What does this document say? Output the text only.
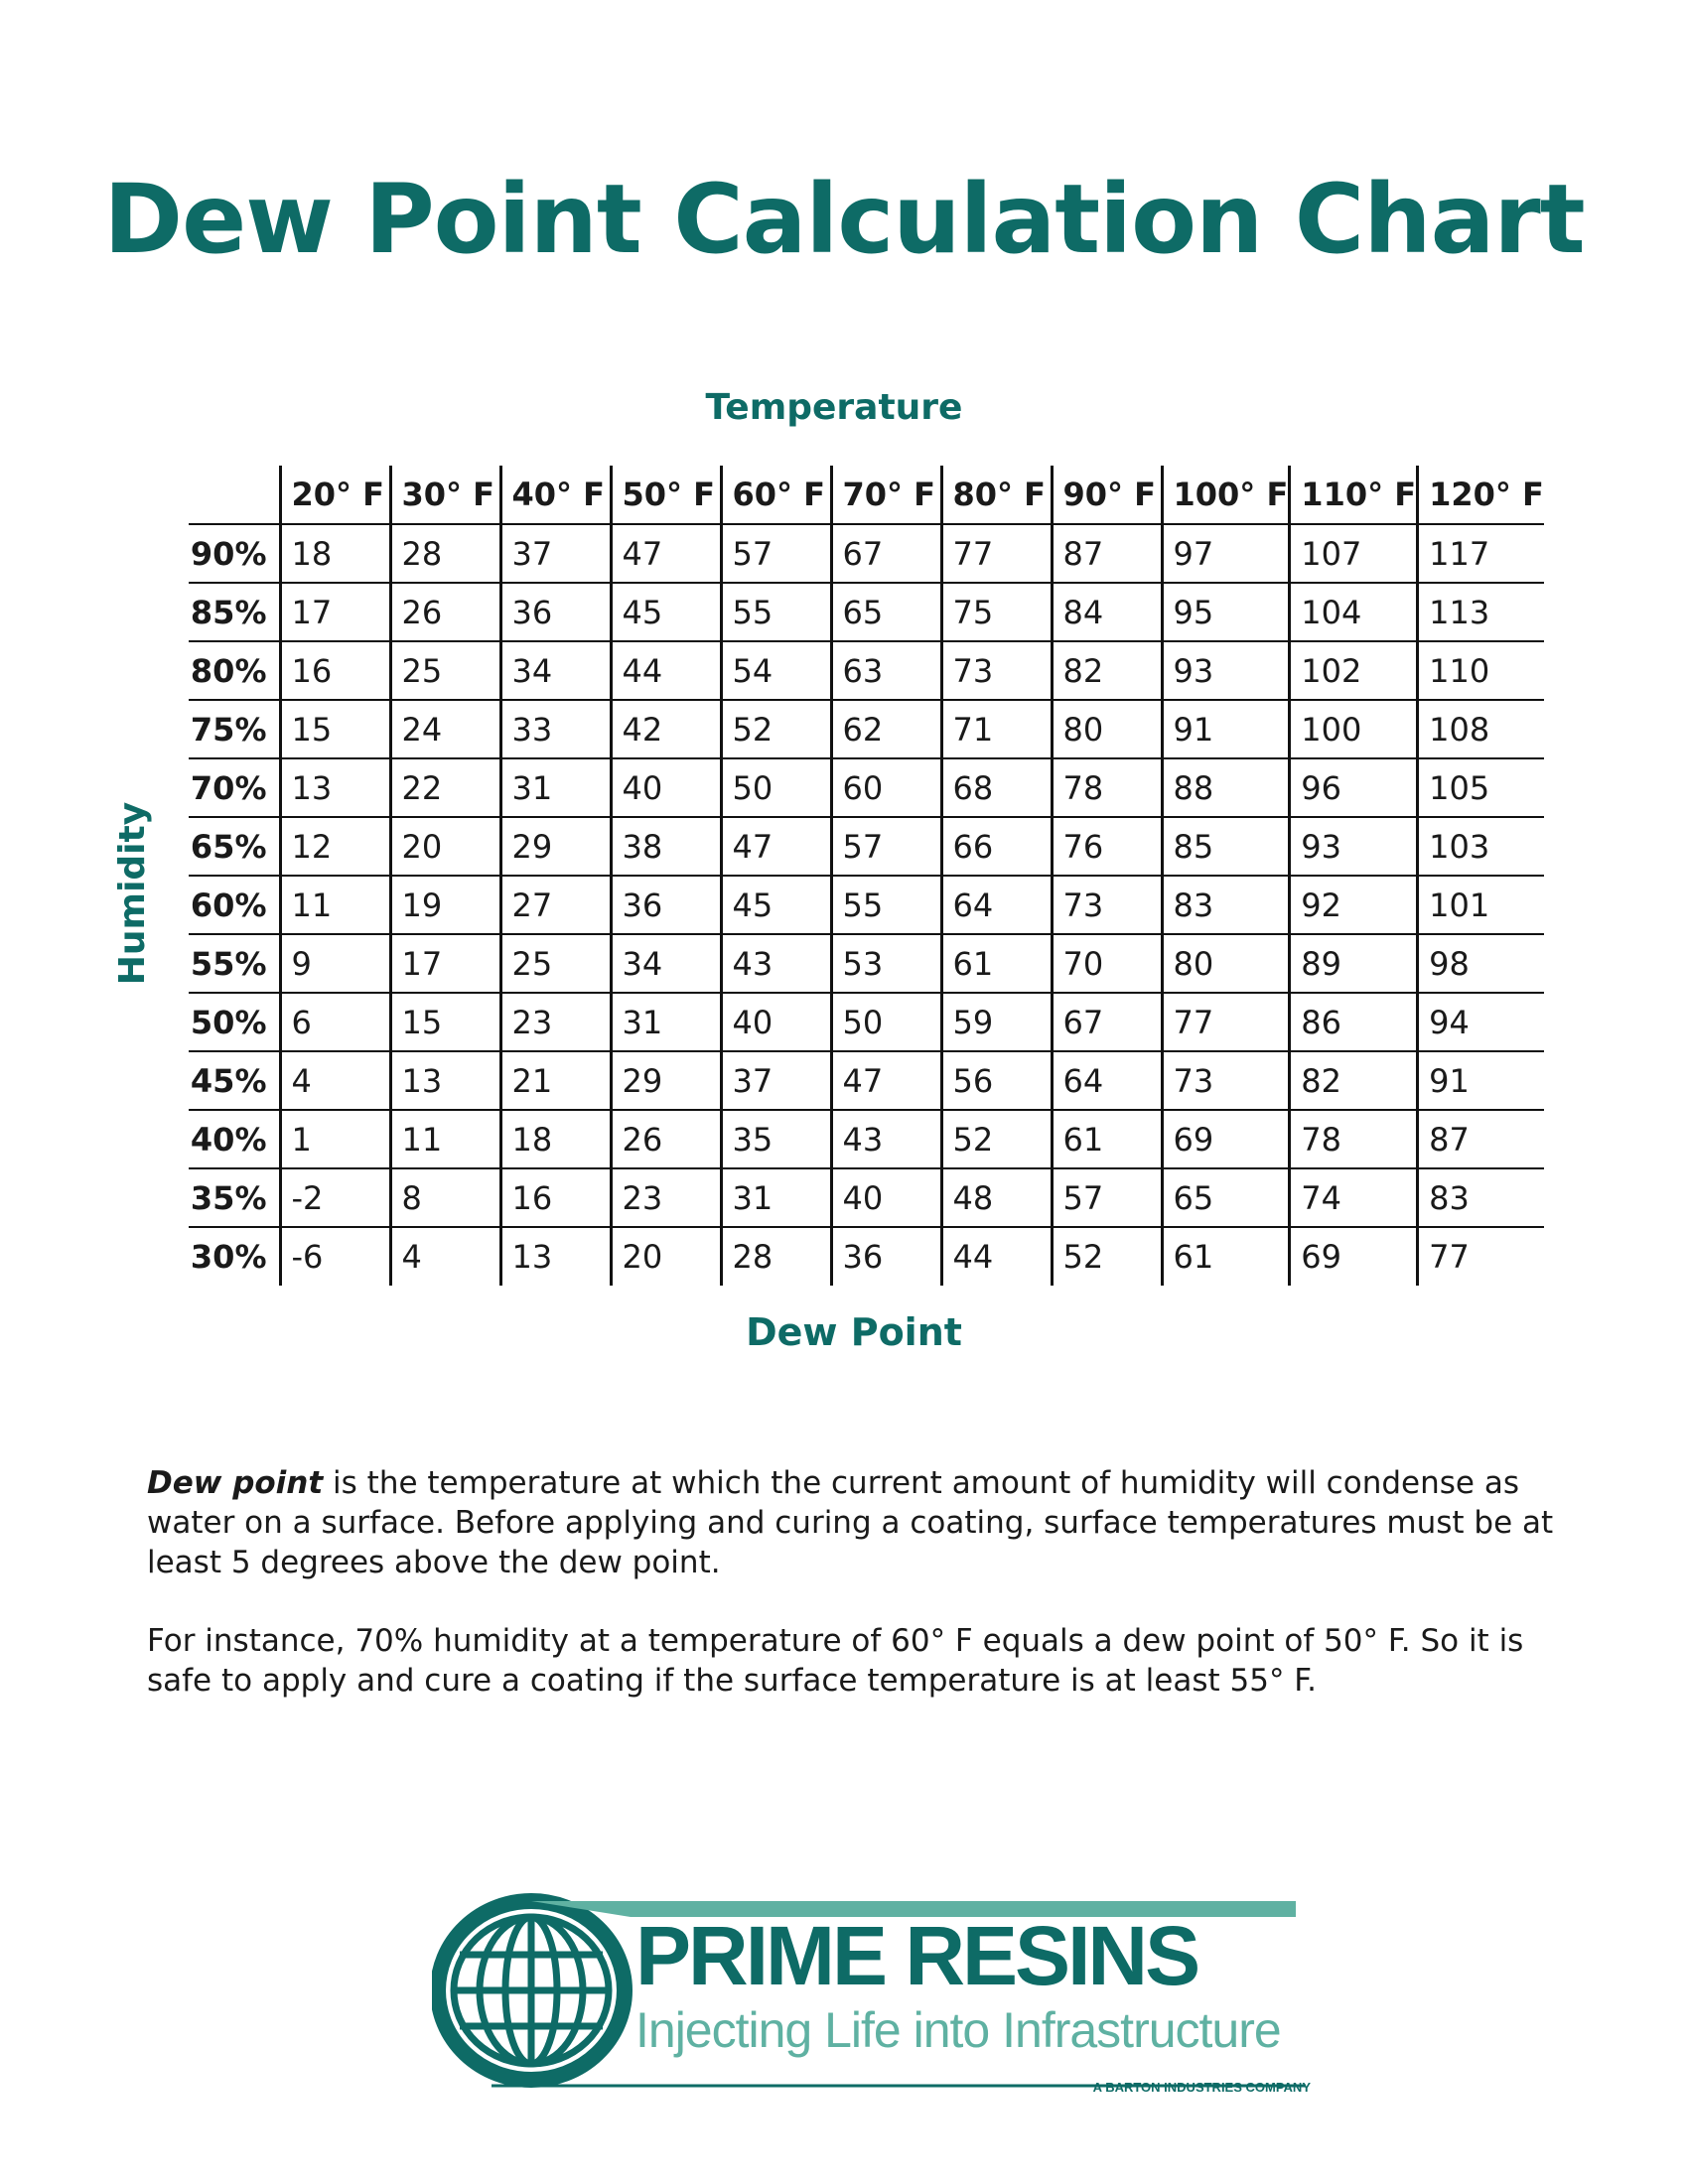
Dew Point Calculation Chart
Temperature
Humidity
	20° F	30° F	40° F	50° F	60° F	70° F	80° F	90° F	100° F	110° F	120° F
90%	18	28	37	47	57	67	77	87	97	107	117
85%	17	26	36	45	55	65	75	84	95	104	113
80%	16	25	34	44	54	63	73	82	93	102	110
75%	15	24	33	42	52	62	71	80	91	100	108
70%	13	22	31	40	50	60	68	78	88	96	105
65%	12	20	29	38	47	57	66	76	85	93	103
60%	11	19	27	36	45	55	64	73	83	92	101
55%	9	17	25	34	43	53	61	70	80	89	98
50%	6	15	23	31	40	50	59	67	77	86	94
45%	4	13	21	29	37	47	56	64	73	82	91
40%	1	11	18	26	35	43	52	61	69	78	87
35%	-2	8	16	23	31	40	48	57	65	74	83
30%	-6	4	13	20	28	36	44	52	61	69	77
Dew Point
Dew point is the temperature at which the current amount of humidity will condense as water on a surface. Before applying and curing a coating, surface temperatures must be at least 5 degrees above the dew point.
For instance, 70% humidity at a temperature of 60° F equals a dew point of 50° F. So it is safe to apply and cure a coating if the surface temperature is at least 55° F.
PRIME RESINS
Injecting Life into Infrastructure
A BARTON INDUSTRIES COMPANY
